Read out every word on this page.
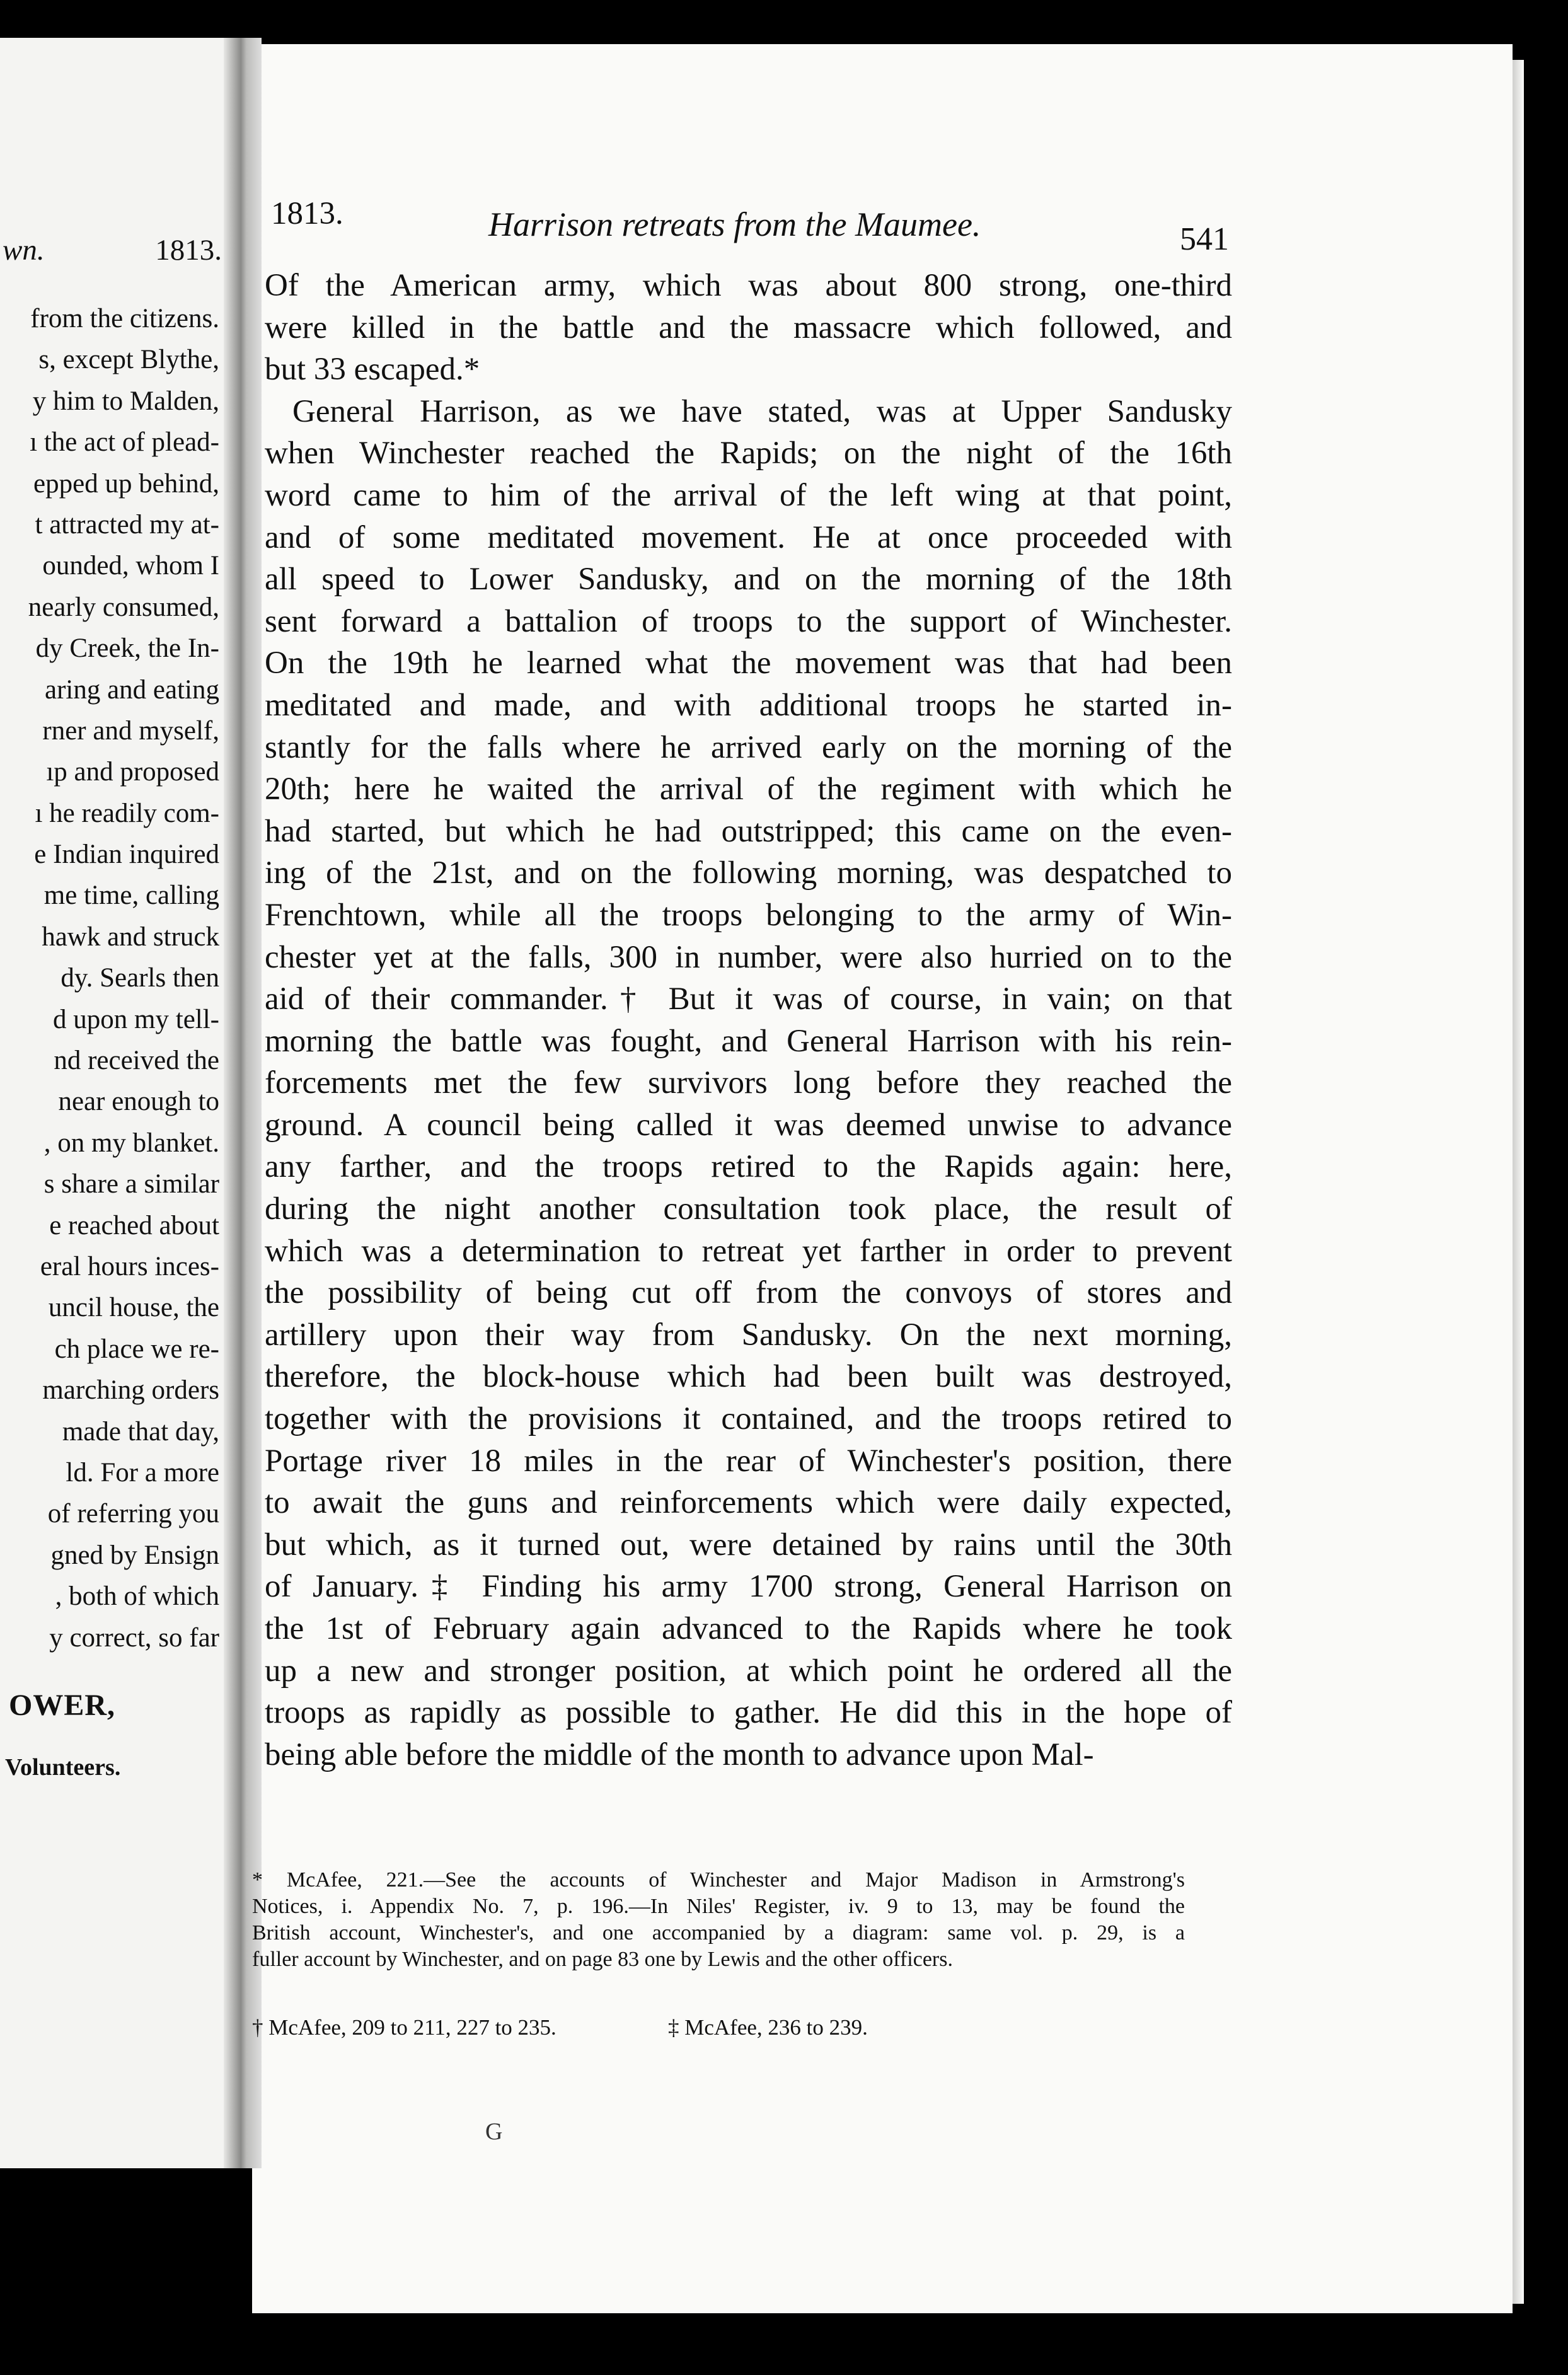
wn.	1813.
from the citizens.
s, except Blythe,
y him to Malden,
ı the act of plead-
epped up behind,
t attracted my at-
ounded, whom I
nearly consumed,
dy Creek, the In-
aring and eating
rner and myself,
ıp and proposed
ı he readily com-
e Indian inquired
me time, calling
hawk and struck
dy. Searls then
d upon my tell-
nd received the
near enough to
, on my blanket.
s share a similar
e reached about
eral hours inces-
uncil house, the
ch place we re-
marching orders
made that day,
ld. For a more
of referring you
gned by Ensign
, both of which
y correct, so far
OWER,
Volunteers.
1813.	Harrison retreats from the Maumee.	541
Of the American army, which was about 800 strong, one-third
were killed in the battle and the massacre which followed, and
but 33 escaped.*
General Harrison, as we have stated, was at Upper Sandusky
when Winchester reached the Rapids; on the night of the 16th
word came to him of the arrival of the left wing at that point,
and of some meditated movement. He at once proceeded with
all speed to Lower Sandusky, and on the morning of the 18th
sent forward a battalion of troops to the support of Winchester.
On the 19th he learned what the movement was that had been
meditated and made, and with additional troops he started in-
stantly for the falls where he arrived early on the morning of the
20th; here he waited the arrival of the regiment with which he
had started, but which he had outstripped; this came on the even-
ing of the 21st, and on the following morning, was despatched to
Frenchtown, while all the troops belonging to the army of Win-
chester yet at the falls, 300 in number, were also hurried on to the
aid of their commander.† But it was of course, in vain; on that
morning the battle was fought, and General Harrison with his rein-
forcements met the few survivors long before they reached the
ground. A council being called it was deemed unwise to advance
any farther, and the troops retired to the Rapids again: here,
during the night another consultation took place, the result of
which was a determination to retreat yet farther in order to prevent
the possibility of being cut off from the convoys of stores and
artillery upon their way from Sandusky. On the next morning,
therefore, the block-house which had been built was destroyed,
together with the provisions it contained, and the troops retired to
Portage river 18 miles in the rear of Winchester's position, there
to await the guns and reinforcements which were daily expected,
but which, as it turned out, were detained by rains until the 30th
of January.‡ Finding his army 1700 strong, General Harrison on
the 1st of February again advanced to the Rapids where he took
up a new and stronger position, at which point he ordered all the
troops as rapidly as possible to gather. He did this in the hope of
being able before the middle of the month to advance upon Mal-
* McAfee, 221.—See the accounts of Winchester and Major Madison in Armstrong's
Notices, i. Appendix No. 7, p. 196.—In Niles' Register, iv. 9 to 13, may be found the
British account, Winchester's, and one accompanied by a diagram: same vol. p. 29, is a
fuller account by Winchester, and on page 83 one by Lewis and the other officers.
† McAfee, 209 to 211, 227 to 235.	‡ McAfee, 236 to 239.
G
